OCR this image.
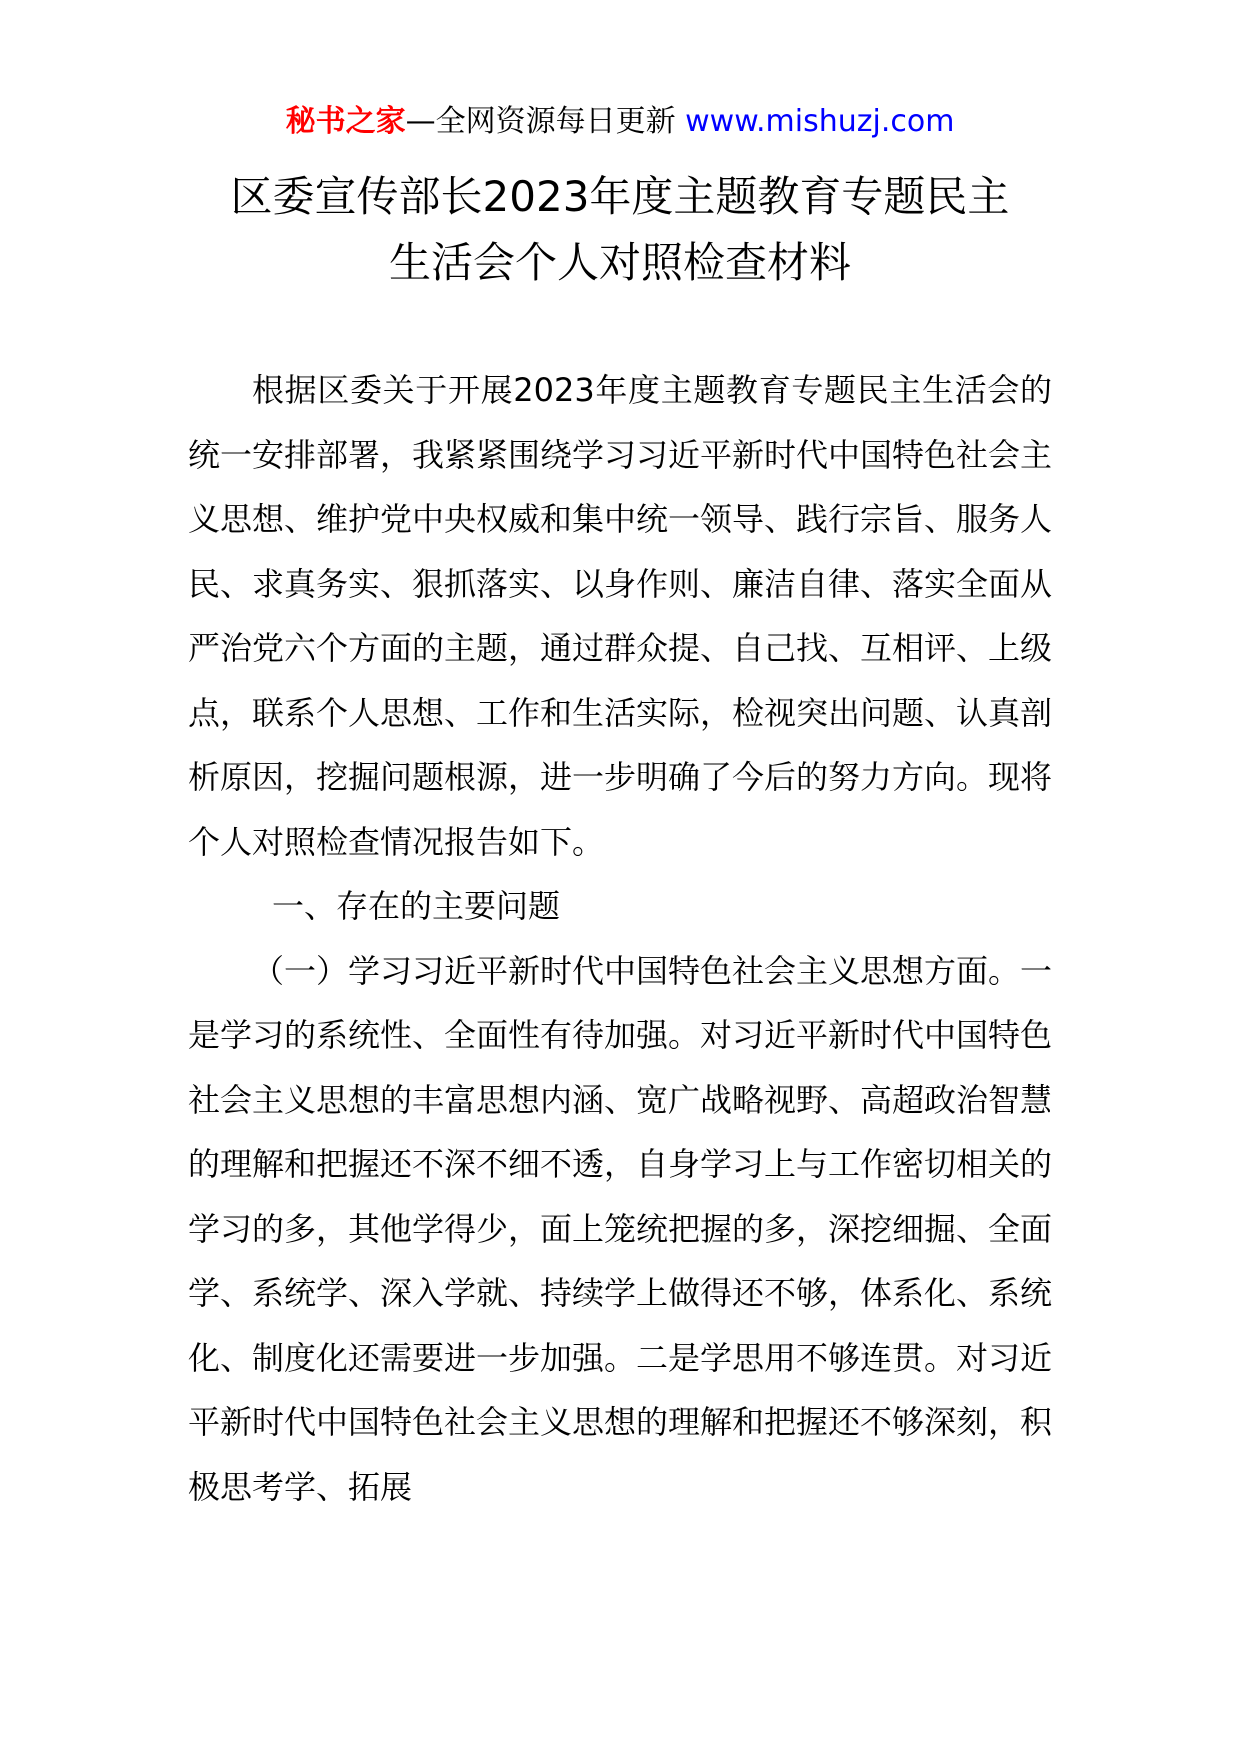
秘书之家—全网资源每日更新 www.mishuzj.com
区委宣传部长2023年度主题教育专题民主
生活会个人对照检查材料

根据区委关于开展2023年度主题教育专题民主生活会的统一安排部署，我紧紧围绕学习习近平新时代中国特色社会主义思想、维护党中央权威和集中统一领导、践行宗旨、服务人民、求真务实、狠抓落实、以身作则、廉洁自律、落实全面从严治党六个方面的主题，通过群众提、自己找、互相评、上级点，联系个人思想、工作和生活实际，检视突出问题、认真剖析原因，挖掘问题根源，进一步明确了今后的努力方向。现将个人对照检查情况报告如下。

一、存在的主要问题

（一）学习习近平新时代中国特色社会主义思想方面。一是学习的系统性、全面性有待加强。对习近平新时代中国特色社会主义思想的丰富思想内涵、宽广战略视野、高超政治智慧的理解和把握还不深不细不透，自身学习上与工作密切相关的学习的多，其他学得少，面上笼统把握的多，深挖细掘、全面学、系统学、深入学就、持续学上做得还不够，体系化、系统化、制度化还需要进一步加强。二是学思用不够连贯。对习近平新时代中国特色社会主义思想的理解和把握还不够深刻，积极思考学、拓展
